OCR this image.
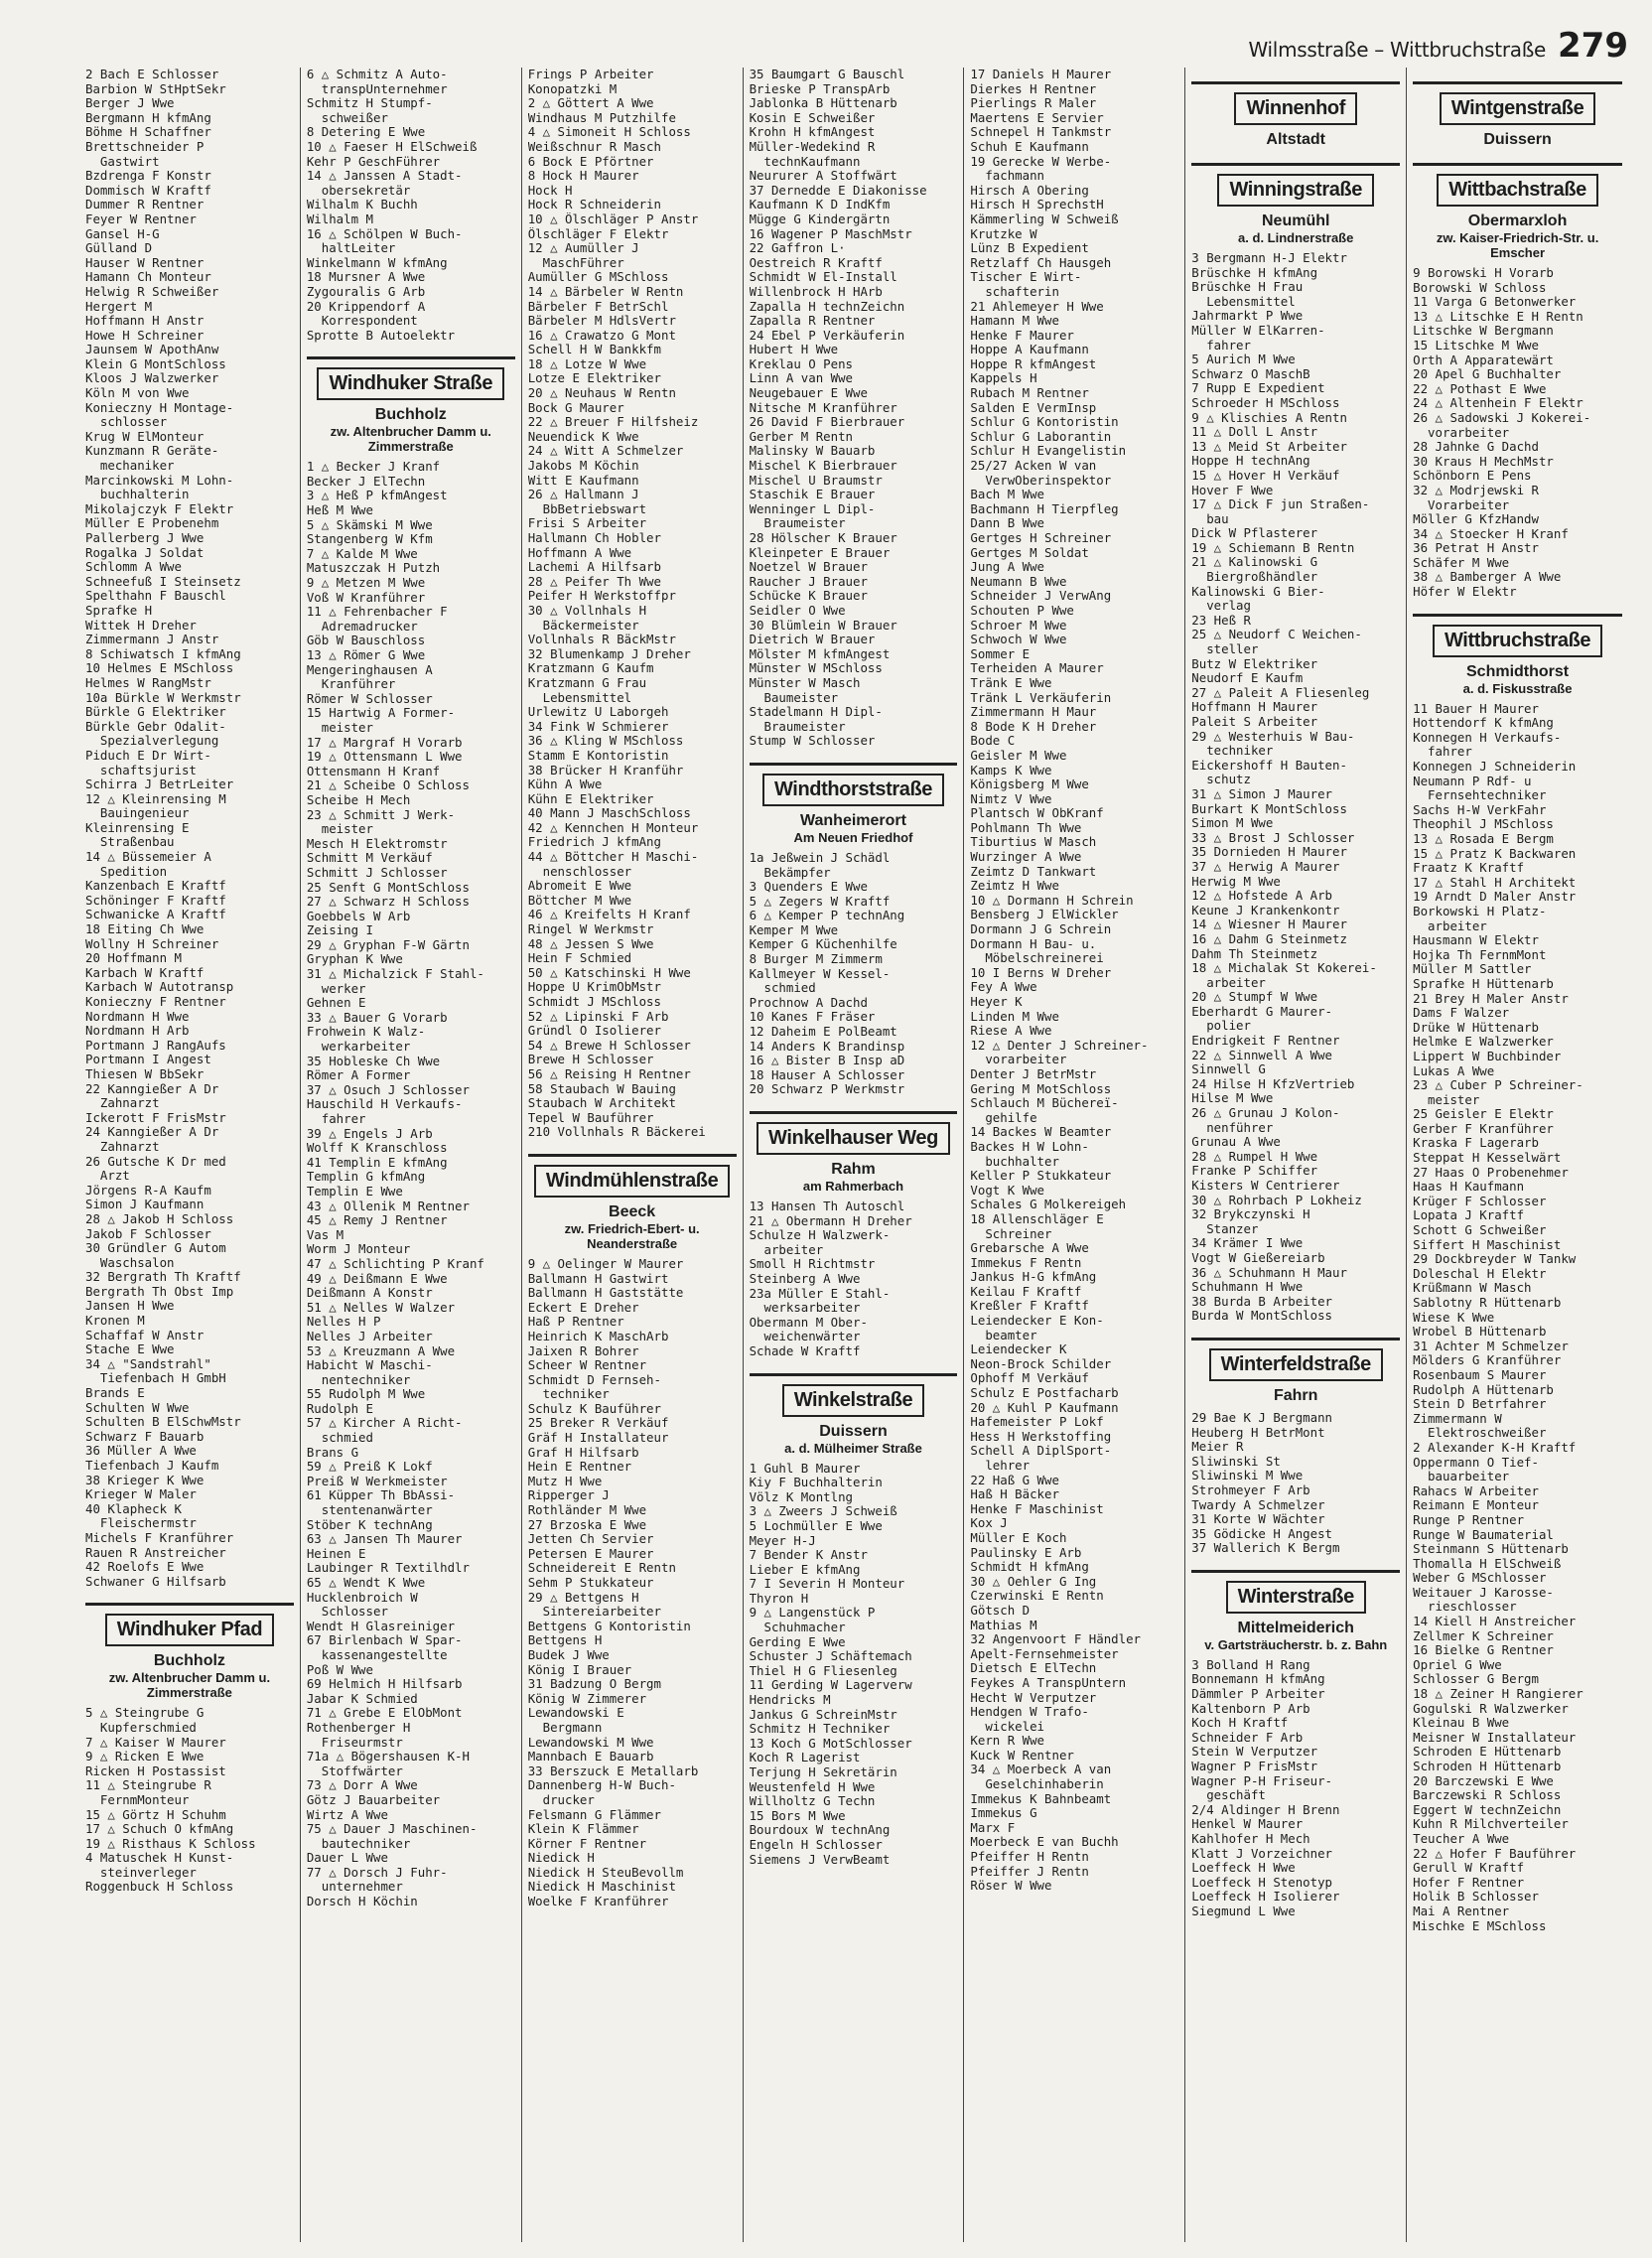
Wilmsstraße – Wittbruchstraße 279
2 Bach E Schlosser
Barbion W StHptSekr
Berger J Wwe
Bergmann H kfmAng
Böhme H Schaffner
Brettschneider P
Gastwirt
Bzdrenga F Konstr
Dommisch W Kraftf
Dummer R Rentner
Feyer W Rentner
Gansel H-G
Gülland D
Hauser W Rentner
Hamann Ch Monteur
Helwig R Schweißer
Hergert M
Hoffmann H Anstr
Howe H Schreiner
Jaunsem W ApothAnw
Klein G MontSchloss
Kloos J Walzwerker
Köln M von Wwe
Konieczny H Montage-
schlosser
Krug W ElMonteur
Kunzmann R Geräte-
mechaniker
Marcinkowski M Lohn-
buchhalterin
Mikolajczyk F Elektr
Müller E Probenehm
Pallerberg J Wwe
Rogalka J Soldat
Schlomm A Wwe
Schneefuß I Steinsetz
Spelthahn F Bauschl
Sprafke H
Wittek H Dreher
Zimmermann J Anstr
8 Schiwatsch I kfmAng
10 Helmes E MSchloss
Helmes W RangMstr
10a Bürkle W Werkmstr
Bürkle G Elektriker
Bürkle Gebr Odalit-
Spezialverlegung
Piduch E Dr Wirt-
schaftsjurist
Schirra J BetrLeiter
12 △ Kleinrensing M
Bauingenieur
Kleinrensing E
Straßenbau
14 △ Büssemeier A
Spedition
Kanzenbach E Kraftf
Schöninger F Kraftf
Schwanicke A Kraftf
18 Eiting Ch Wwe
Wollny H Schreiner
20 Hoffmann M
Karbach W Kraftf
Karbach W Autotransp
Konieczny F Rentner
Nordmann H Wwe
Nordmann H Arb
Portmann J RangAufs
Portmann I Angest
Thiesen W BbSekr
22 Kanngießer A Dr
Zahnarzt
Ickerott F FrisMstr
24 Kanngießer A Dr
Zahnarzt
26 Gutsche K Dr med
Arzt
Jörgens R-A Kaufm
Simon J Kaufmann
28 △ Jakob H Schloss
Jakob F Schlosser
30 Gründler G Autom
Waschsalon
32 Bergrath Th Kraftf
Bergrath Th Obst Imp
Jansen H Wwe
Kronen M
Schaffaf W Anstr
Stache E Wwe
34 △ "Sandstrahl"
Tiefenbach H GmbH
Brands E
Schulten W Wwe
Schulten B ElSchwMstr
Schwarz F Bauarb
36 Müller A Wwe
Tiefenbach J Kaufm
38 Krieger K Wwe
Krieger W Maler
40 Klapheck K
Fleischermstr
Michels F Kranführer
Rauen R Anstreicher
42 Roelofs E Wwe
Schwaner G Hilfsarb
Windhuker Pfad
Buchholz
zw. Altenbrucher Damm u. Zimmerstraße
5 △ Steingrube G
Kupferschmied
7 △ Kaiser W Maurer
9 △ Ricken E Wwe
Ricken H Postassist
11 △ Steingrube R
FernmMonteur
15 △ Görtz H Schuhm
17 △ Schuch O kfmAng
19 △ Risthaus K Schloss
4 Matuschek H Kunst-
steinverleger
Roggenbuck H Schloss
6 △ Schmitz A Auto-
transpUnternehmer
Schmitz H Stumpf-
schweißer
8 Detering E Wwe
10 △ Faeser H ElSchweiß
Kehr P GeschFührer
14 △ Janssen A Stadt-
obersekretär
Wilhalm K Buchh
Wilhalm M
16 △ Schölpen W Buch-
haltLeiter
Winkelmann W kfmAng
18 Mursner A Wwe
Zygouralis G Arb
20 Krippendorf A
Korrespondent
Sprotte B Autoelektr
Windhuker Straße
Buchholz
zw. Altenbrucher Damm u. Zimmerstraße
1 △ Becker J Kranf
Becker J ElTechn
3 △ Heß P kfmAngest
Heß M Wwe
5 △ Skämski M Wwe
Stangenberg W Kfm
7 △ Kalde M Wwe
Matuszczak H Putzh
9 △ Metzen M Wwe
Voß W Kranführer
11 △ Fehrenbacher F
Adremadrucker
Göb W Bauschloss
13 △ Römer G Wwe
Mengeringhausen A
Kranführer
Römer W Schlosser
15 Hartwig A Former-
meister
17 △ Margraf H Vorarb
19 △ Ottensmann L Wwe
Ottensmann H Kranf
21 △ Scheibe O Schloss
Scheibe H Mech
23 △ Schmitt J Werk-
meister
Mesch H Elektromstr
Schmitt M Verkäuf
Schmitt J Schlosser
25 Senft G MontSchloss
27 △ Schwarz H Schloss
Goebbels W Arb
Zeising I
29 △ Gryphan F-W Gärtn
Gryphan K Wwe
31 △ Michalzick F Stahl-
werker
Gehnen E
33 △ Bauer G Vorarb
Frohwein K Walz-
werkarbeiter
35 Hobleske Ch Wwe
Römer A Former
37 △ Osuch J Schlosser
Hauschild H Verkaufs-
fahrer
39 △ Engels J Arb
Wolff K Kranschloss
41 Templin E kfmAng
Templin G kfmAng
Templin E Wwe
43 △ Ollenik M Rentner
45 △ Remy J Rentner
Vas M
Worm J Monteur
47 △ Schlichting P Kranf
49 △ Deißmann E Wwe
Deißmann A Konstr
51 △ Nelles W Walzer
Nelles H P
Nelles J Arbeiter
53 △ Kreuzmann A Wwe
Habicht W Maschi-
nentechniker
55 Rudolph M Wwe
Rudolph E
57 △ Kircher A Richt-
schmied
Brans G
59 △ Preiß K Lokf
Preiß W Werkmeister
61 Küpper Th BbAssi-
stentenanwärter
Stöber K technAng
63 △ Jansen Th Maurer
Heinen E
Laubinger R Textilhdlr
65 △ Wendt K Wwe
Hucklenbroich W
Schlosser
Wendt H Glasreiniger
67 Birlenbach W Spar-
kassenangestellte
Poß W Wwe
69 Helmich H Hilfsarb
Jabar K Schmied
71 △ Grebe E ElObMont
Rothenberger H
Friseurmstr
71a △ Bögershausen K-H
Stoffwärter
73 △ Dorr A Wwe
Götz J Bauarbeiter
Wirtz A Wwe
75 △ Dauer J Maschinen-
bautechniker
Dauer L Wwe
77 △ Dorsch J Fuhr-
unternehmer
Dorsch H Köchin
Frings P Arbeiter
Konopatzki M
2 △ Göttert A Wwe
Windhaus M Putzhilfe
4 △ Simoneit H Schloss
Weißschnur R Masch
6 Bock E Pförtner
8 Hock H Maurer
Hock H
Hock R Schneiderin
10 △ Ölschläger P Anstr
Ölschläger F Elektr
12 △ Aumüller J
MaschFührer
Aumüller G MSchloss
14 △ Bärbeler W Rentn
Bärbeler F BetrSchl
Bärbeler M HdlsVertr
16 △ Crawatzo G Mont
Schell H W Bankkfm
18 △ Lotze W Wwe
Lotze E Elektriker
20 △ Neuhaus W Rentn
Bock G Maurer
22 △ Breuer F Hilfsheiz
Neuendick K Wwe
24 △ Witt A Schmelzer
Jakobs M Köchin
Witt E Kaufmann
26 △ Hallmann J
BbBetriebswart
Frisi S Arbeiter
Hallmann Ch Hobler
Hoffmann A Wwe
Lachemi A Hilfsarb
28 △ Peifer Th Wwe
Peifer H Werkstoffpr
30 △ Vollnhals H
Bäckermeister
Vollnhals R BäckMstr
32 Blumenkamp J Dreher
Kratzmann G Kaufm
Kratzmann G Frau
Lebensmittel
Urlewitz U Laborgeh
34 Fink W Schmierer
36 △ Kling W MSchloss
Stamm E Kontoristin
38 Brücker H Kranführ
Kühn A Wwe
Kühn E Elektriker
40 Mann J MaschSchloss
42 △ Kennchen H Monteur
Friedrich J kfmAng
44 △ Böttcher H Maschi-
nenschlosser
Abromeit E Wwe
Böttcher M Wwe
46 △ Kreifelts H Kranf
Ringel W Werkmstr
48 △ Jessen S Wwe
Hein F Schmied
50 △ Katschinski H Wwe
Hoppe U KrimObMstr
Schmidt J MSchloss
52 △ Lipinski F Arb
Gründl O Isolierer
54 △ Brewe H Schlosser
Brewe H Schlosser
56 △ Reising H Rentner
58 Staubach W Bauing
Staubach W Architekt
Tepel W Bauführer
210 Vollnhals R Bäckerei
Windmühlenstraße
Beeck
zw. Friedrich-Ebert- u. Neanderstraße
9 △ Oelinger W Maurer
Ballmann H Gastwirt
Ballmann H Gaststätte
Eckert E Dreher
Haß P Rentner
Heinrich K MaschArb
Jaixen R Bohrer
Scheer W Rentner
Schmidt D Fernseh-
techniker
Schulz K Bauführer
25 Breker R Verkäuf
Gräf H Installateur
Graf H Hilfsarb
Hein E Rentner
Mutz H Wwe
Ripperger J
Rothländer M Wwe
27 Brzoska E Wwe
Jetten Ch Servier
Petersen E Maurer
Schneidereit E Rentn
Sehm P Stukkateur
29 △ Bettgens H
Sintereiarbeiter
Bettgens G Kontoristin
Bettgens H
Budek J Wwe
König I Brauer
31 Badzung O Bergm
König W Zimmerer
Lewandowski E
Bergmann
Lewandowski M Wwe
Mannbach E Bauarb
33 Berszuck E Metallarb
Dannenberg H-W Buch-
drucker
Felsmann G Flämmer
Klein K Flämmer
Körner F Rentner
Niedick H
Niedick H SteuBevollm
Niedick H Maschinist
Woelke F Kranführer
35 Baumgart G Bauschl
Brieske P TranspArb
Jablonka B Hüttenarb
Kosin E Schweißer
Krohn H kfmAngest
Müller-Wedekind R
technKaufmann
Neururer A Stoffwärt
37 Dernedde E Diakonisse
Kaufmann K D IndKfm
Mügge G Kindergärtn
16 Wagener P MaschMstr
22 Gaffron L·
Oestreich R Kraftf
Schmidt W El-Install
Willenbrock H HArb
Zapalla H technZeichn
Zapalla R Rentner
24 Ebel P Verkäuferin
Hubert H Wwe
Kreklau O Pens
Linn A van Wwe
Neugebauer E Wwe
Nitsche M Kranführer
26 David F Bierbrauer
Gerber M Rentn
Malinsky W Bauarb
Mischel K Bierbrauer
Mischel U Braumstr
Staschik E Brauer
Wenninger L Dipl-
Braumeister
28 Hölscher K Brauer
Kleinpeter E Brauer
Noetzel W Brauer
Raucher J Brauer
Schücke K Brauer
Seidler O Wwe
30 Blümlein W Brauer
Dietrich W Brauer
Mölster M kfmAngest
Münster W MSchloss
Münster W Masch
Baumeister
Stadelmann H Dipl-
Braumeister
Stump W Schlosser
Windthorststraße
Wanheimerort
Am Neuen Friedhof
1a Jeßwein J Schädl
Bekämpfer
3 Quenders E Wwe
5 △ Zegers W Kraftf
6 △ Kemper P technAng
Kemper M Wwe
Kemper G Küchenhilfe
8 Burger M Zimmerm
Kallmeyer W Kessel-
schmied
Prochnow A Dachd
10 Kanes F Fräser
12 Daheim E PolBeamt
14 Anders K Brandinsp
16 △ Bister B Insp aD
18 Hauser A Schlosser
20 Schwarz P Werkmstr
Winkelhauser Weg
Rahm
am Rahmerbach
13 Hansen Th Autoschl
21 △ Obermann H Dreher
Schulze H Walzwerk-
arbeiter
Smoll H Richtmstr
Steinberg A Wwe
23a Müller E Stahl-
werksarbeiter
Obermann M Ober-
weichenwärter
Schade W Kraftf
Winkelstraße
Duissern
a. d. Mülheimer Straße
1 Guhl B Maurer
Kiy F Buchhalterin
Völz K Montlng
3 △ Zweers J Schweiß
5 Lochmüller E Wwe
Meyer H-J
7 Bender K Anstr
Lieber E kfmAng
7 I Severin H Monteur
Thyron H
9 △ Langenstück P
Schuhmacher
Gerding E Wwe
Schuster J Schäftemach
Thiel H G Fliesenleg
11 Gerding W Lagerverw
Hendricks M
Jankus G SchreinMstr
Schmitz H Techniker
13 Koch G MotSchlosser
Koch R Lagerist
Terjung H Sekretärin
Weustenfeld H Wwe
Willholtz G Techn
15 Bors M Wwe
Bourdoux W technAng
Engeln H Schlosser
Siemens J VerwBeamt
17 Daniels H Maurer
Dierkes H Rentner
Pierlings R Maler
Maertens E Servier
Schnepel H Tankmstr
Schuh E Kaufmann
19 Gerecke W Werbe-
fachmann
Hirsch A Obering
Hirsch H SprechstH
Kämmerling W Schweiß
Krutzke W
Lünz B Expedient
Retzlaff Ch Hausgeh
Tischer E Wirt-
schafterin
21 Ahlemeyer H Wwe
Hamann M Wwe
Henke F Maurer
Hoppe A Kaufmann
Hoppe R kfmAngest
Kappels H
Rubach M Rentner
Salden E VermInsp
Schlur G Kontoristin
Schlur G Laborantin
Schlur H Evangelistin
25/27 Acken W van
VerwOberinspektor
Bach M Wwe
Bachmann H Tierpfleg
Dann B Wwe
Gertges H Schreiner
Gertges M Soldat
Jung A Wwe
Neumann B Wwe
Schneider J VerwAng
Schouten P Wwe
Schroer M Wwe
Schwoch W Wwe
Sommer E
Terheiden A Maurer
Tränk E Wwe
Tränk L Verkäuferin
Zimmermann H Maur
8 Bode K H Dreher
Bode C
Geisler M Wwe
Kamps K Wwe
Königsberg M Wwe
Nimtz V Wwe
Plantsch W ObKranf
Pohlmann Th Wwe
Tiburtius W Masch
Wurzinger A Wwe
Zeimtz D Tankwart
Zeimtz H Wwe
10 △ Dormann H Schrein
Bensberg J ElWickler
Dormann J G Schrein
Dormann H Bau- u.
Möbelschreinerei
10 I Berns W Dreher
Fey A Wwe
Heyer K
Linden M Wwe
Riese A Wwe
12 △ Denter J Schreiner-
vorarbeiter
Denter J BetrMstr
Gering M MotSchloss
Schlauch M Büchereï-
gehilfe
14 Backes W Beamter
Backes H W Lohn-
buchhalter
Keller P Stukkateur
Vogt K Wwe
Schales G Molkereigeh
18 Allenschläger E
Schreiner
Grebarsche A Wwe
Immekus F Rentn
Jankus H-G kfmAng
Keilau F Kraftf
Kreßler F Kraftf
Leiendecker E Kon-
beamter
Leiendecker K
Neon-Brock Schilder
Ophoff M Verkäuf
Schulz E Postfacharb
20 △ Kuhl P Kaufmann
Hafemeister P Lokf
Hess H Werkstoffing
Schell A DiplSport-
lehrer
22 Haß G Wwe
Haß H Bäcker
Henke F Maschinist
Kox J
Müller E Koch
Paulinsky E Arb
Schmidt H kfmAng
30 △ Oehler G Ing
Czerwinski E Rentn
Götsch D
Mathias M
32 Angenvoort F Händler
Apelt-Fernsehmeister
Dietsch E ElTechn
Feykes A TranspUntern
Hecht W Verputzer
Hendgen W Trafo-
wickelei
Kern R Wwe
Kuck W Rentner
34 △ Moerbeck A van
Geselchinhaberin
Immekus K Bahnbeamt
Immekus G
Marx F
Moerbeck E van Buchh
Pfeiffer H Rentn
Pfeiffer J Rentn
Röser W Wwe
Winnenhof
Altstadt
Winningstraße
Neumühl
a. d. Lindnerstraße
3 Bergmann H-J Elektr
Brüschke H kfmAng
Brüschke H Frau
Lebensmittel
Jahrmarkt P Wwe
Müller W ElKarren-
fahrer
5 Aurich M Wwe
Schwarz O MaschB
7 Rupp E Expedient
Schroeder H MSchloss
9 △ Klischies A Rentn
11 △ Doll L Anstr
13 △ Meid St Arbeiter
Hoppe H technAng
15 △ Hover H Verkäuf
Hover F Wwe
17 △ Dick F jun Straßen-
bau
Dick W Pflasterer
19 △ Schiemann B Rentn
21 △ Kalinowski G
Biergroßhändler
Kalinowski G Bier-
verlag
23 Heß R
25 △ Neudorf C Weichen-
steller
Butz W Elektriker
Neudorf E Kaufm
27 △ Paleit A Fliesenleg
Hoffmann H Maurer
Paleit S Arbeiter
29 △ Westerhuis W Bau-
techniker
Eickershoff H Bauten-
schutz
31 △ Simon J Maurer
Burkart K MontSchloss
Simon M Wwe
33 △ Brost J Schlosser
35 Dornieden H Maurer
37 △ Herwig A Maurer
Herwig M Wwe
12 △ Hofstede A Arb
Keune J Krankenkontr
14 △ Wiesner H Maurer
16 △ Dahm G Steinmetz
Dahm Th Steinmetz
18 △ Michalak St Kokerei-
arbeiter
20 △ Stumpf W Wwe
Eberhardt G Maurer-
polier
Endrigkeit F Rentner
22 △ Sinnwell A Wwe
Sinnwell G
24 Hilse H KfzVertrieb
Hilse M Wwe
26 △ Grunau J Kolon-
nenführer
Grunau A Wwe
28 △ Rumpel H Wwe
Franke P Schiffer
Kisters W Centrierer
30 △ Rohrbach P Lokheiz
32 Brykczynski H
Stanzer
34 Krämer I Wwe
Vogt W Gießereiarb
36 △ Schuhmann H Maur
Schuhmann H Wwe
38 Burda B Arbeiter
Burda W MontSchloss
Winterfeldstraße
Fahrn
29 Bae K J Bergmann
Heuberg H BetrMont
Meier R
Sliwinski St
Sliwinski M Wwe
Strohmeyer F Arb
Twardy A Schmelzer
31 Korte W Wächter
35 Gödicke H Angest
37 Wallerich K Bergm
Winterstraße
Mittelmeiderich
v. Gartsträucherstr. b. z. Bahn
3 Bolland H Rang
Bonnemann H kfmAng
Dämmler P Arbeiter
Kaltenborn P Arb
Koch H Kraftf
Schneider F Arb
Stein W Verputzer
Wagner P FrisMstr
Wagner P-H Friseur-
geschäft
2/4 Aldinger H Brenn
Henkel W Maurer
Kahlhofer H Mech
Klatt J Vorzeichner
Loeffeck H Wwe
Loeffeck H Stenotyp
Loeffeck H Isolierer
Siegmund L Wwe
Wintgenstraße
Duissern
Wittbachstraße
Obermarxloh
zw. Kaiser-Friedrich-Str. u. Emscher
9 Borowski H Vorarb
Borowski W Schloss
11 Varga G Betonwerker
13 △ Litschke E H Rentn
Litschke W Bergmann
15 Litschke M Wwe
Orth A Apparatewärt
20 Apel G Buchhalter
22 △ Pothast E Wwe
24 △ Altenhein F Elektr
26 △ Sadowski J Kokerei-
vorarbeiter
28 Jahnke G Dachd
30 Kraus H MechMstr
Schönborn E Pens
32 △ Modrjewski R
Vorarbeiter
Möller G KfzHandw
34 △ Stoecker H Kranf
36 Petrat H Anstr
Schäfer M Wwe
38 △ Bamberger A Wwe
Höfer W Elektr
Wittbruchstraße
Schmidthorst
a. d. Fiskusstraße
11 Bauer H Maurer
Hottendorf K kfmAng
Konnegen H Verkaufs-
fahrer
Konnegen J Schneiderin
Neumann P Rdf- u
Fernsehtechniker
Sachs H-W VerkFahr
Theophil J MSchloss
13 △ Rosada E Bergm
15 △ Pratz K Backwaren
Fraatz K Kraftf
17 △ Stahl H Architekt
19 Arndt D Maler Anstr
Borkowski H Platz-
arbeiter
Hausmann W Elektr
Hojka Th FernmMont
Müller M Sattler
Sprafke H Hüttenarb
21 Brey H Maler Anstr
Dams F Walzer
Drüke W Hüttenarb
Helmke E Walzwerker
Lippert W Buchbinder
Lukas A Wwe
23 △ Cuber P Schreiner-
meister
25 Geisler E Elektr
Gerber F Kranführer
Kraska F Lagerarb
Steppat H Kesselwärt
27 Haas O Probenehmer
Haas H Kaufmann
Krüger F Schlosser
Lopata J Kraftf
Schott G Schweißer
Siffert H Maschinist
29 Dockbreyder W Tankw
Doleschal H Elektr
Krüßmann W Masch
Sablotny R Hüttenarb
Wiese K Wwe
Wrobel B Hüttenarb
31 Achter M Schmelzer
Mölders G Kranführer
Rosenbaum S Maurer
Rudolph A Hüttenarb
Stein D Betrfahrer
Zimmermann W
Elektroschweißer
2 Alexander K-H Kraftf
Oppermann O Tief-
bauarbeiter
Rahacs W Arbeiter
Reimann E Monteur
Runge P Rentner
Runge W Baumaterial
Steinmann S Hüttenarb
Thomalla H ElSchweiß
Weber G MSchlosser
Weitauer J Karosse-
rieschlosser
14 Kiell H Anstreicher
Zellmer K Schreiner
16 Bielke G Rentner
Opriel G Wwe
Schlosser G Bergm
18 △ Zeiner H Rangierer
Gogulski R Walzwerker
Kleinau B Wwe
Meisner W Installateur
Schroden E Hüttenarb
Schroden H Hüttenarb
20 Barczewski E Wwe
Barczewski R Schloss
Eggert W technZeichn
Kuhn R Milchverteiler
Teucher A Wwe
22 △ Hofer F Bauführer
Gerull W Kraftf
Hofer F Rentner
Holik B Schlosser
Mai A Rentner
Mischke E MSchloss
